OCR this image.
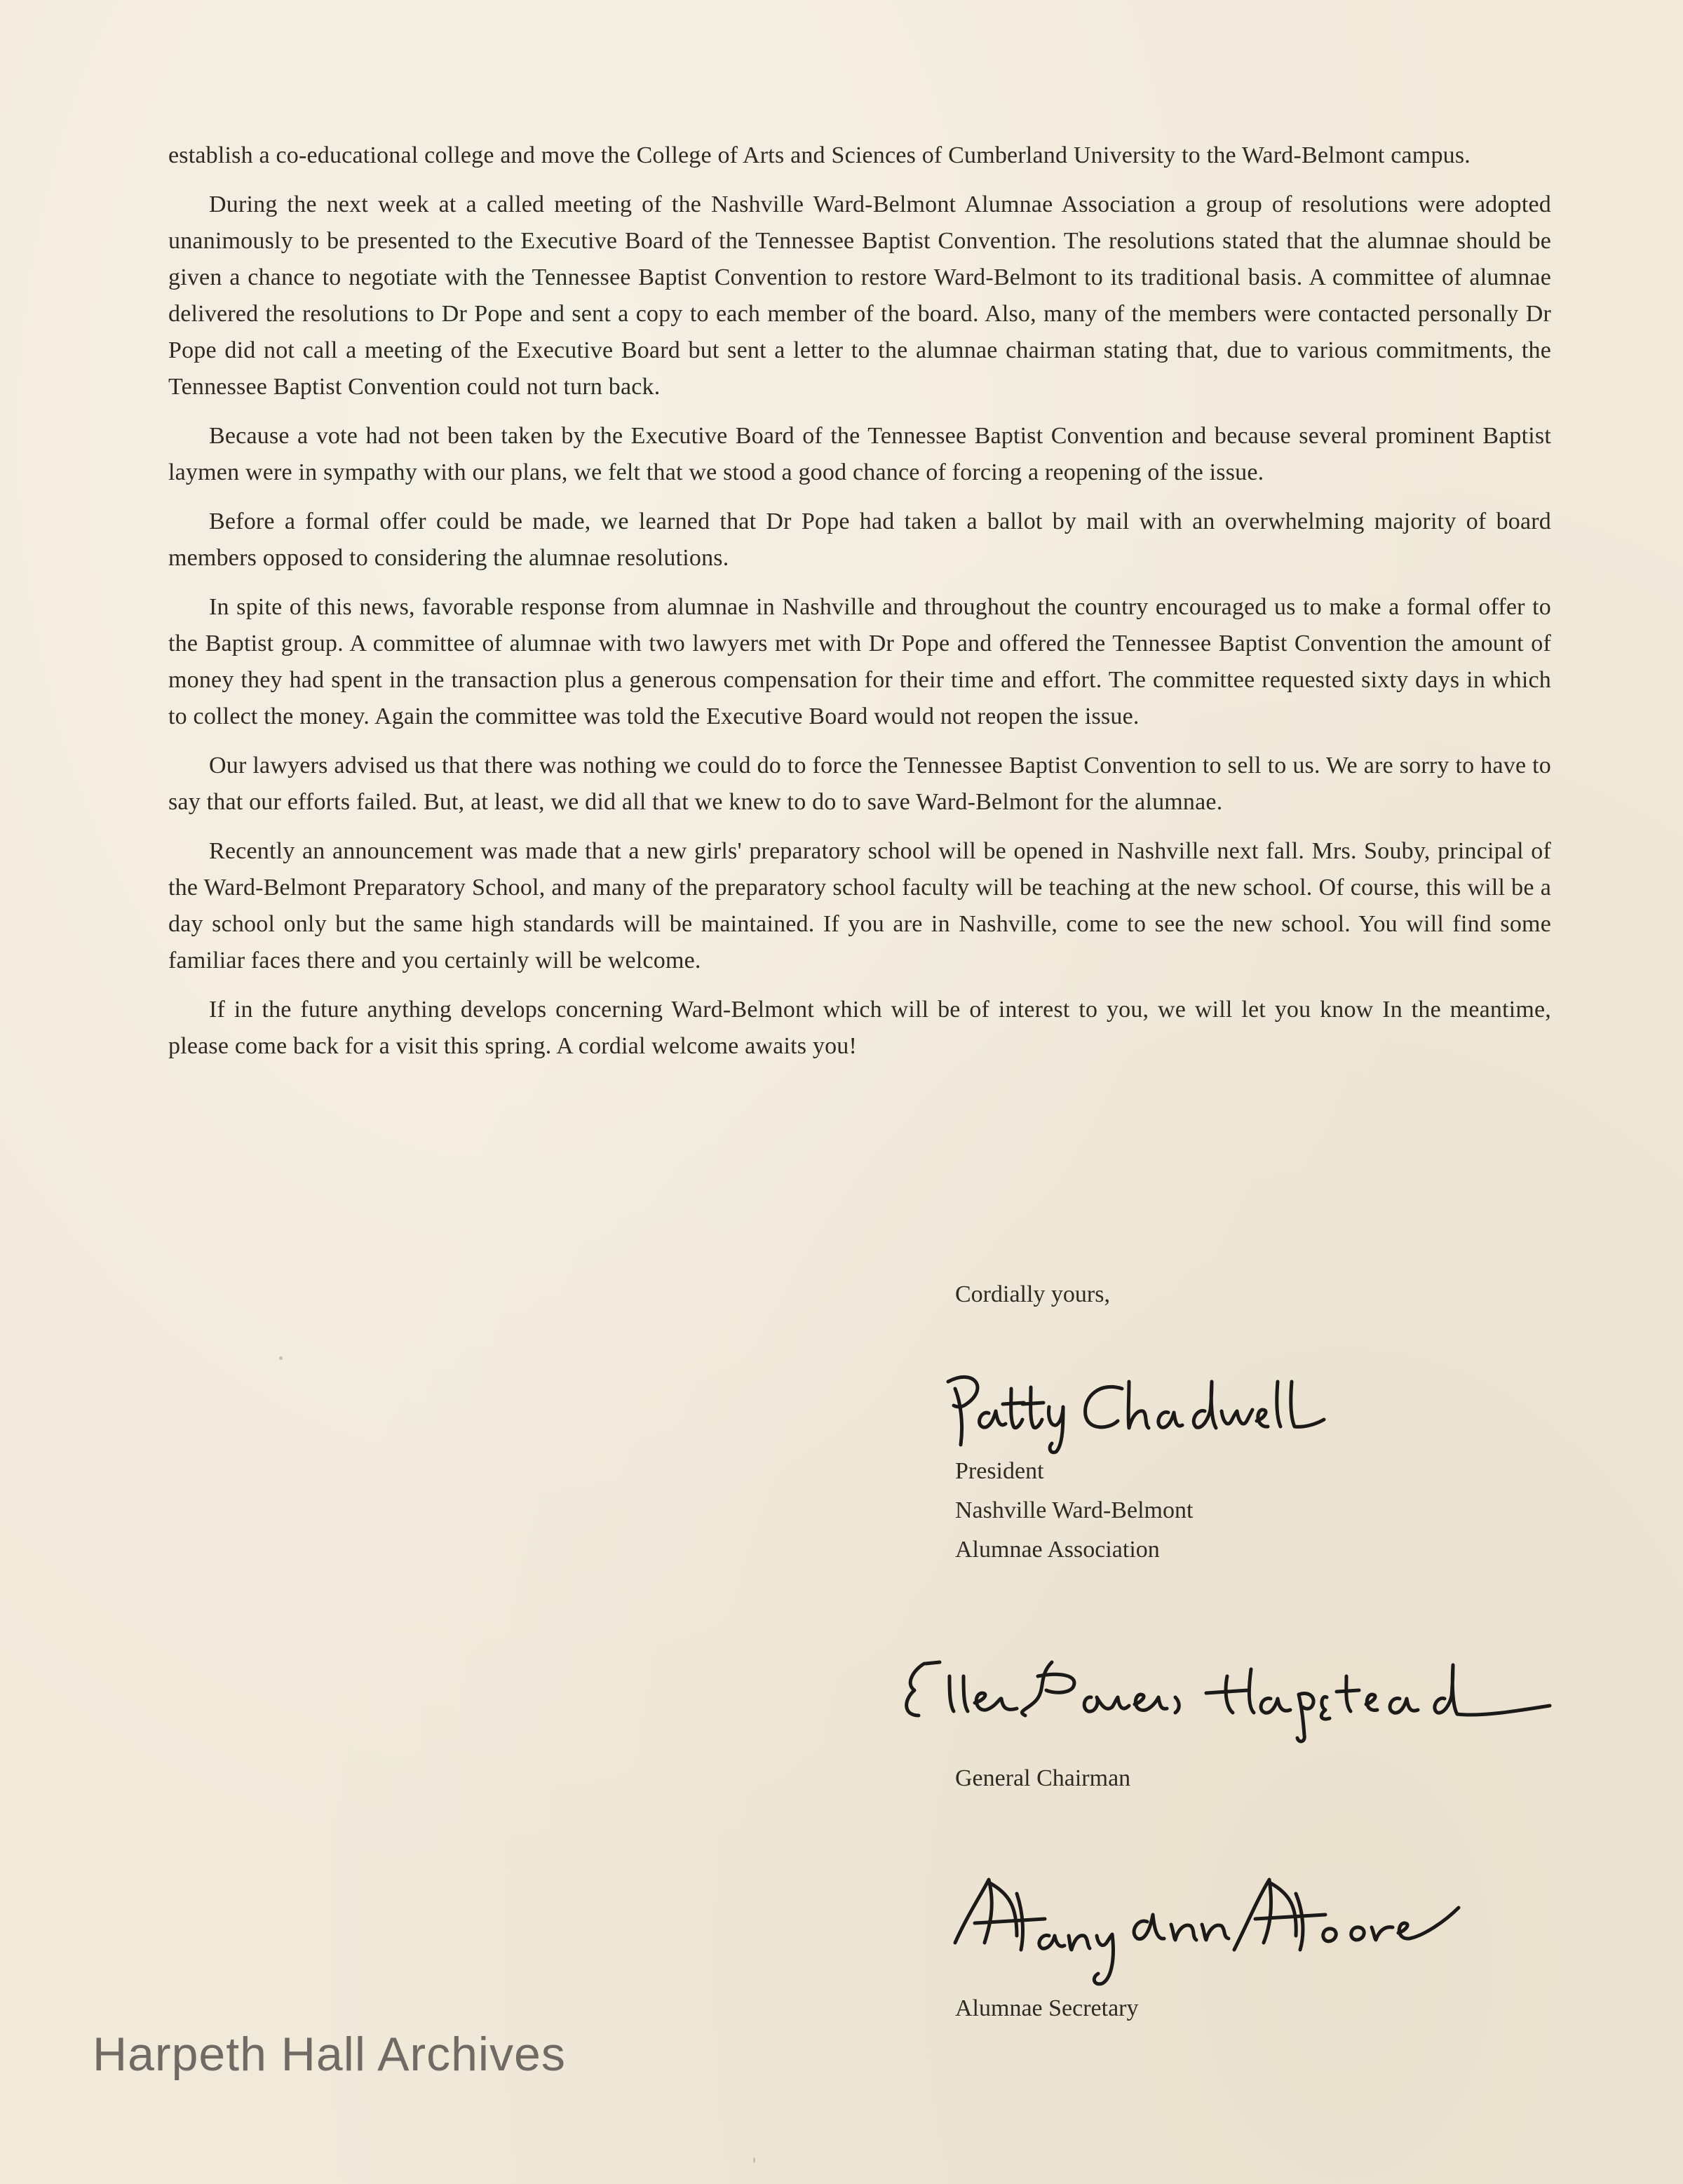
establish a co-educational college and move the College of Arts and Sciences of Cumberland University to the Ward-Belmont campus.

During the next week at a called meeting of the Nashville Ward-Belmont Alumnae Association a group of resolutions were adopted unanimously to be presented to the Executive Board of the Tennessee Baptist Convention. The resolutions stated that the alumnae should be given a chance to negotiate with the Tennessee Baptist Convention to restore Ward-Belmont to its traditional basis. A committee of alumnae delivered the resolutions to Dr Pope and sent a copy to each member of the board. Also, many of the members were contacted personally Dr Pope did not call a meeting of the Executive Board but sent a letter to the alumnae chairman stating that, due to various commitments, the Tennessee Baptist Convention could not turn back.

Because a vote had not been taken by the Executive Board of the Tennessee Baptist Convention and because several prominent Baptist laymen were in sympathy with our plans, we felt that we stood a good chance of forcing a reopening of the issue.

Before a formal offer could be made, we learned that Dr Pope had taken a ballot by mail with an overwhelming majority of board members opposed to considering the alumnae resolutions.

In spite of this news, favorable response from alumnae in Nashville and throughout the country encouraged us to make a formal offer to the Baptist group. A committee of alumnae with two lawyers met with Dr Pope and offered the Tennessee Baptist Convention the amount of money they had spent in the transaction plus a generous compensation for their time and effort. The committee requested sixty days in which to collect the money. Again the committee was told the Executive Board would not reopen the issue.

Our lawyers advised us that there was nothing we could do to force the Tennessee Baptist Convention to sell to us. We are sorry to have to say that our efforts failed. But, at least, we did all that we knew to do to save Ward-Belmont for the alumnae.

Recently an announcement was made that a new girls' preparatory school will be opened in Nashville next fall. Mrs. Souby, principal of the Ward-Belmont Preparatory School, and many of the preparatory school faculty will be teaching at the new school. Of course, this will be a day school only but the same high standards will be maintained. If you are in Nashville, come to see the new school. You will find some familiar faces there and you certainly will be welcome.

If in the future anything develops concerning Ward-Belmont which will be of interest to you, we will let you know In the meantime, please come back for a visit this spring. A cordial welcome awaits you!

Cordially yours,
President
Nashville Ward-Belmont
Alumnae Association
General Chairman
Alumnae Secretary
Harpeth Hall Archives
